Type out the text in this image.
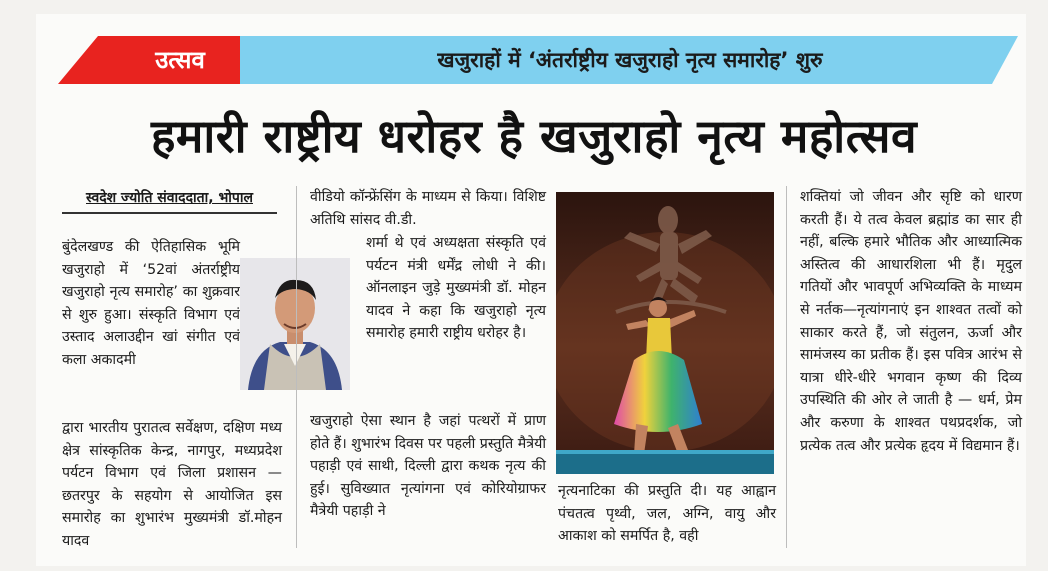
उत्सव	खजुराहों में ‘अंतर्राष्ट्रीय खजुराहो नृत्य समारोह’ शुरु
हमारी राष्ट्रीय धरोहर है खजुराहो नृत्य महोत्सव
स्वदेश ज्योति संवाददाता, भोपाल

बुंदेलखण्ड की ऐतिहासिक भूमि खजुराहो में ‘52वां अंतर्राष्ट्रीय खजुराहो नृत्य समारोह’ का शुक्रवार से शुरु हुआ। संस्कृति विभाग एवं उस्ताद अलाउद्दीन खां संगीत एवं कला अकादमी

द्वारा भारतीय पुरातत्व सर्वेक्षण, दक्षिण मध्य क्षेत्र सांस्कृतिक केन्द्र, नागपुर, मध्यप्रदेश पर्यटन विभाग एवं जिला प्रशासन — छतरपुर के सहयोग से आयोजित इस समारोह का शुभारंभ मुख्यमंत्री डॉ.मोहन यादव

वीडियो कॉन्फ्रेंसिंग के माध्यम से किया। विशिष्ट अतिथि सांसद वी.डी.

शर्मा थे एवं अध्यक्षता संस्कृति एवं पर्यटन मंत्री धर्मेंद्र लोधी ने की। ऑनलाइन जुड़े मुख्यमंत्री डॉ. मोहन यादव ने कहा कि खजुराहो नृत्य समारोह हमारी राष्ट्रीय धरोहर है।

खजुराहो ऐसा स्थान है जहां पत्थरों में प्राण होते हैं। शुभारंभ दिवस पर पहली प्रस्तुति मैत्रेयी पहाड़ी एवं साथी, दिल्ली द्वारा कथक नृत्य की हुई। सुविख्यात नृत्यांगना एवं कोरियोग्राफर मैत्रेयी पहाड़ी ने

नृत्यनाटिका की प्रस्तुति दी। यह आह्वान पंचतत्व पृथ्वी, जल, अग्नि, वायु और आकाश को समर्पित है, वही

शक्तियां जो जीवन और सृष्टि को धारण करती हैं। ये तत्व केवल ब्रह्मांड का सार ही नहीं, बल्कि हमारे भौतिक और आध्यात्मिक अस्तित्व की आधारशिला भी हैं। मृदुल गतियों और भावपूर्ण अभिव्यक्ति के माध्यम से नर्तक—नृत्यांगनाएं इन शाश्वत तत्वों को साकार करते हैं, जो संतुलन, ऊर्जा और सामंजस्य का प्रतीक हैं। इस पवित्र आरंभ से यात्रा धीरे-धीरे भगवान कृष्ण की दिव्य उपस्थिति की ओर ले जाती है — धर्म, प्रेम और करुणा के शाश्वत पथप्रदर्शक, जो प्रत्येक तत्व और प्रत्येक हृदय में विद्यमान हैं।
